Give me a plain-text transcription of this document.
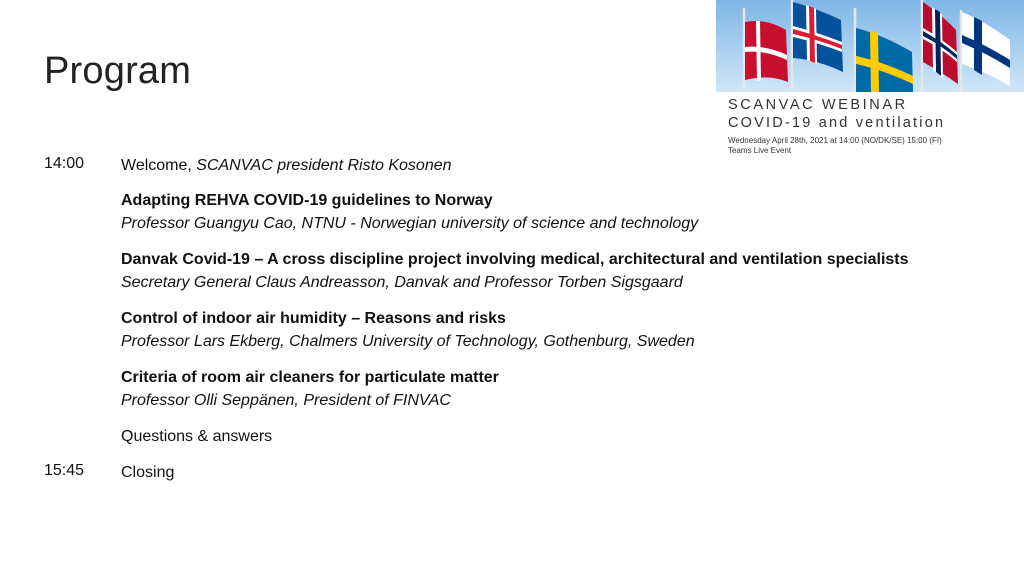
Program
SCANVAC WEBINAR
COVID-19 and ventilation
Wednesday April 28th, 2021 at 14:00 (NO/DK/SE) 15:00 (FI)
Teams Live Event
14:00 Welcome, SCANVAC president Risto Kosonen
Adapting REHVA COVID-19 guidelines to Norway
Professor Guangyu Cao, NTNU - Norwegian university of science and technology
Danvak Covid-19 – A cross discipline project involving medical, architectural and ventilation specialists
Secretary General Claus Andreasson, Danvak and Professor Torben Sigsgaard
Control of indoor air humidity – Reasons and risks
Professor Lars Ekberg, Chalmers University of Technology, Gothenburg, Sweden
Criteria of room air cleaners for particulate matter
Professor Olli Seppänen, President of FINVAC
Questions & answers
15:45 Closing
